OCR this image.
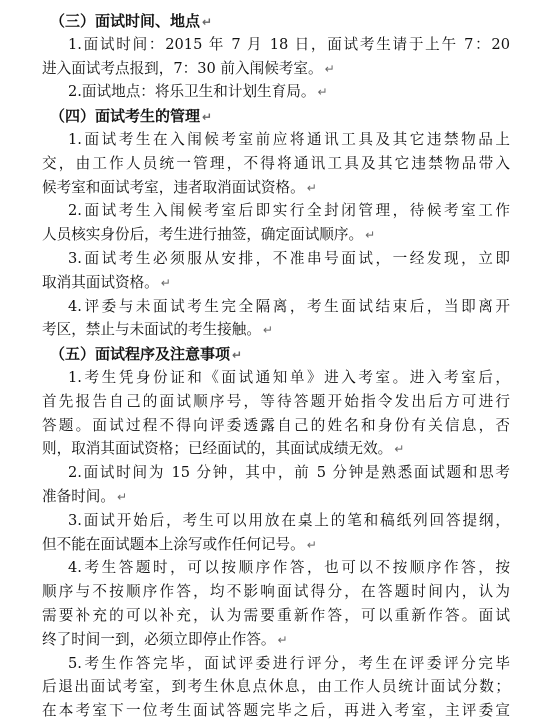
（三）面试时间、地点 ↵
1.面试时间：2015 年 7 月 18 日，面试考生请于上午 7：20
进入面试考点报到，7：30 前入闱候考室。 ↵
2.面试地点：将乐卫生和计划生育局。 ↵
（四）面试考生的管理 ↵
1.面试考生在入闱候考室前应将通讯工具及其它违禁物品上
交，由工作人员统一管理，不得将通讯工具及其它违禁物品带入
候考室和面试考室，违者取消面试资格。 ↵
2.面试考生入闱候考室后即实行全封闭管理，待候考室工作
人员核实身份后，考生进行抽签，确定面试顺序。 ↵
3.面试考生必须服从安排，不准串号面试，一经发现，立即
取消其面试资格。 ↵
4.评委与未面试考生完全隔离，考生面试结束后，当即离开
考区，禁止与未面试的考生接触。 ↵
（五）面试程序及注意事项 ↵
1.考生凭身份证和《面试通知单》进入考室。进入考室后，
首先报告自己的面试顺序号，等待答题开始指令发出后方可进行
答题。面试过程不得向评委透露自己的姓名和身份有关信息，否
则，取消其面试资格；已经面试的，其面试成绩无效。 ↵
2.面试时间为 15 分钟，其中，前 5 分钟是熟悉面试题和思考
准备时间。 ↵
3.面试开始后，考生可以用放在桌上的笔和稿纸列回答提纲，
但不能在面试题本上涂写或作任何记号。 ↵
4.考生答题时，可以按顺序作答，也可以不按顺序作答，按
顺序与不按顺序作答，均不影响面试得分，在答题时间内，认为
需要补充的可以补充，认为需要重新作答，可以重新作答。面试
终了时间一到，必须立即停止作答。 ↵
5.考生作答完毕，面试评委进行评分，考生在评委评分完毕
后退出面试考室，到考生休息点休息，由工作人员统计面试分数；
在本考室下一位考生面试答题完毕之后，再进入考室，主评委宣
